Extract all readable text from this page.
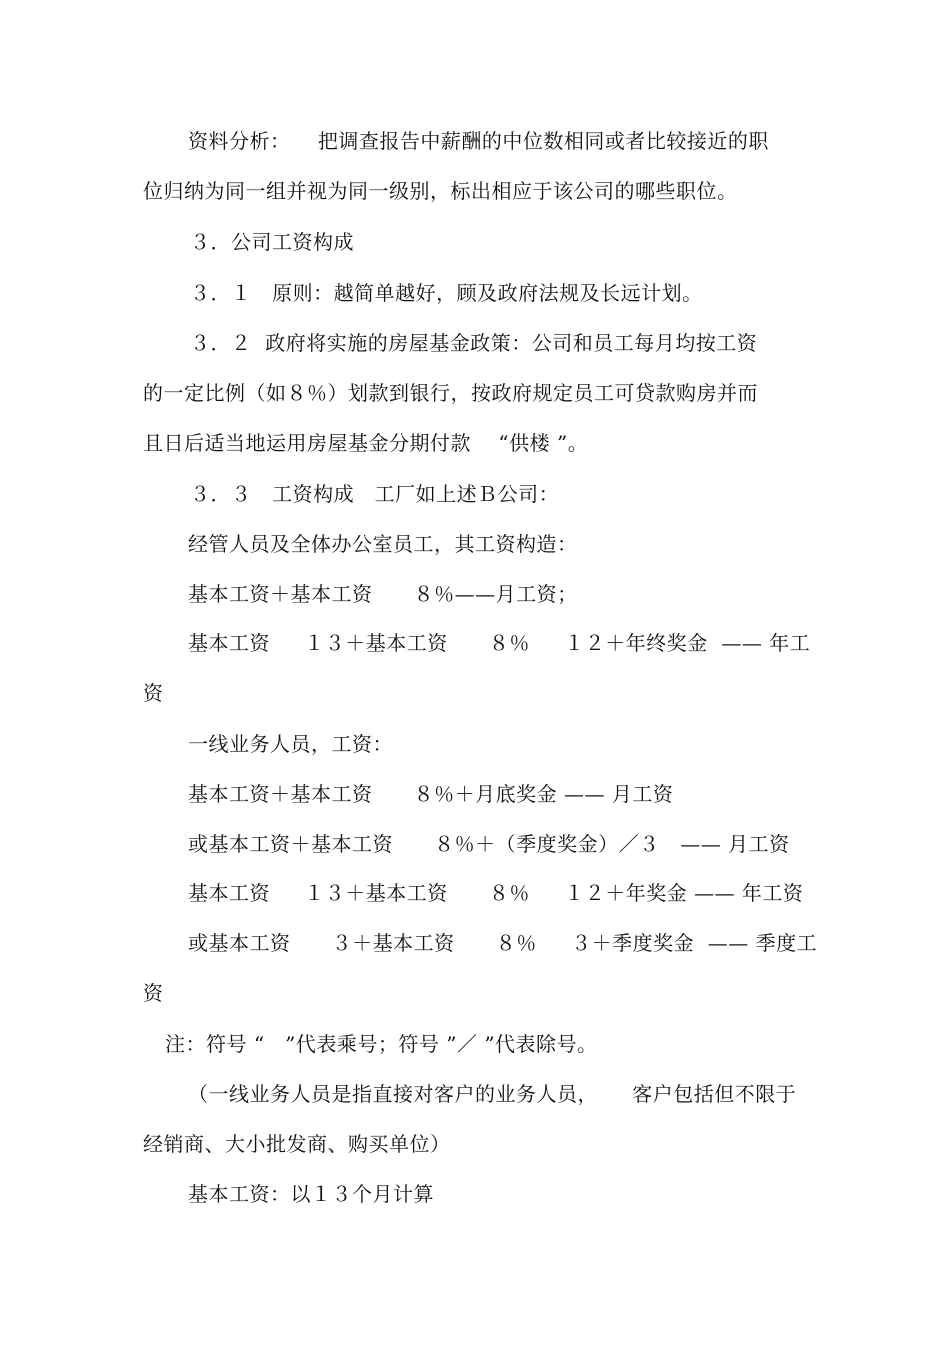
资料分析：    把调查报告中薪酬的中位数相同或者比较接近的职
位归纳为同一组并视为同一级别，标出相应于该公司的哪些职位。
３．公司工资构成
３．１   原则：越简单越好，顾及政府法规及长远计划。
３．２  政府将实施的房屋基金政策：公司和员工每月均按工资
的一定比例（如８％）划款到银行，按政府规定员工可贷款购房并而
且日后适当地运用房屋基金分期付款    “供楼 ”。
３．３   工资构成   工厂如上述Ｂ公司：
经管人员及全体办公室员工，其工资构造：
基本工资＋基本工资      ８％——月工资；
基本工资     １３＋基本工资      ８％     １２＋年终奖金  —— 年工
资
一线业务人员，工资：
基本工资＋基本工资      ８％＋月底奖金 —— 月工资
或基本工资＋基本工资      ８％＋（季度奖金）／３   —— 月工资
基本工资     １３＋基本工资      ８％     １２＋年奖金 —— 年工资
或基本工资      ３＋基本工资      ８％     ３＋季度奖金  —— 季度工
资
注：符号 “   ”代表乘号；符号 ”／ ”代表除号。
（一线业务人员是指直接对客户的业务人员，     客户包括但不限于
经销商、大小批发商、购买单位）
基本工资：以１３个月计算
